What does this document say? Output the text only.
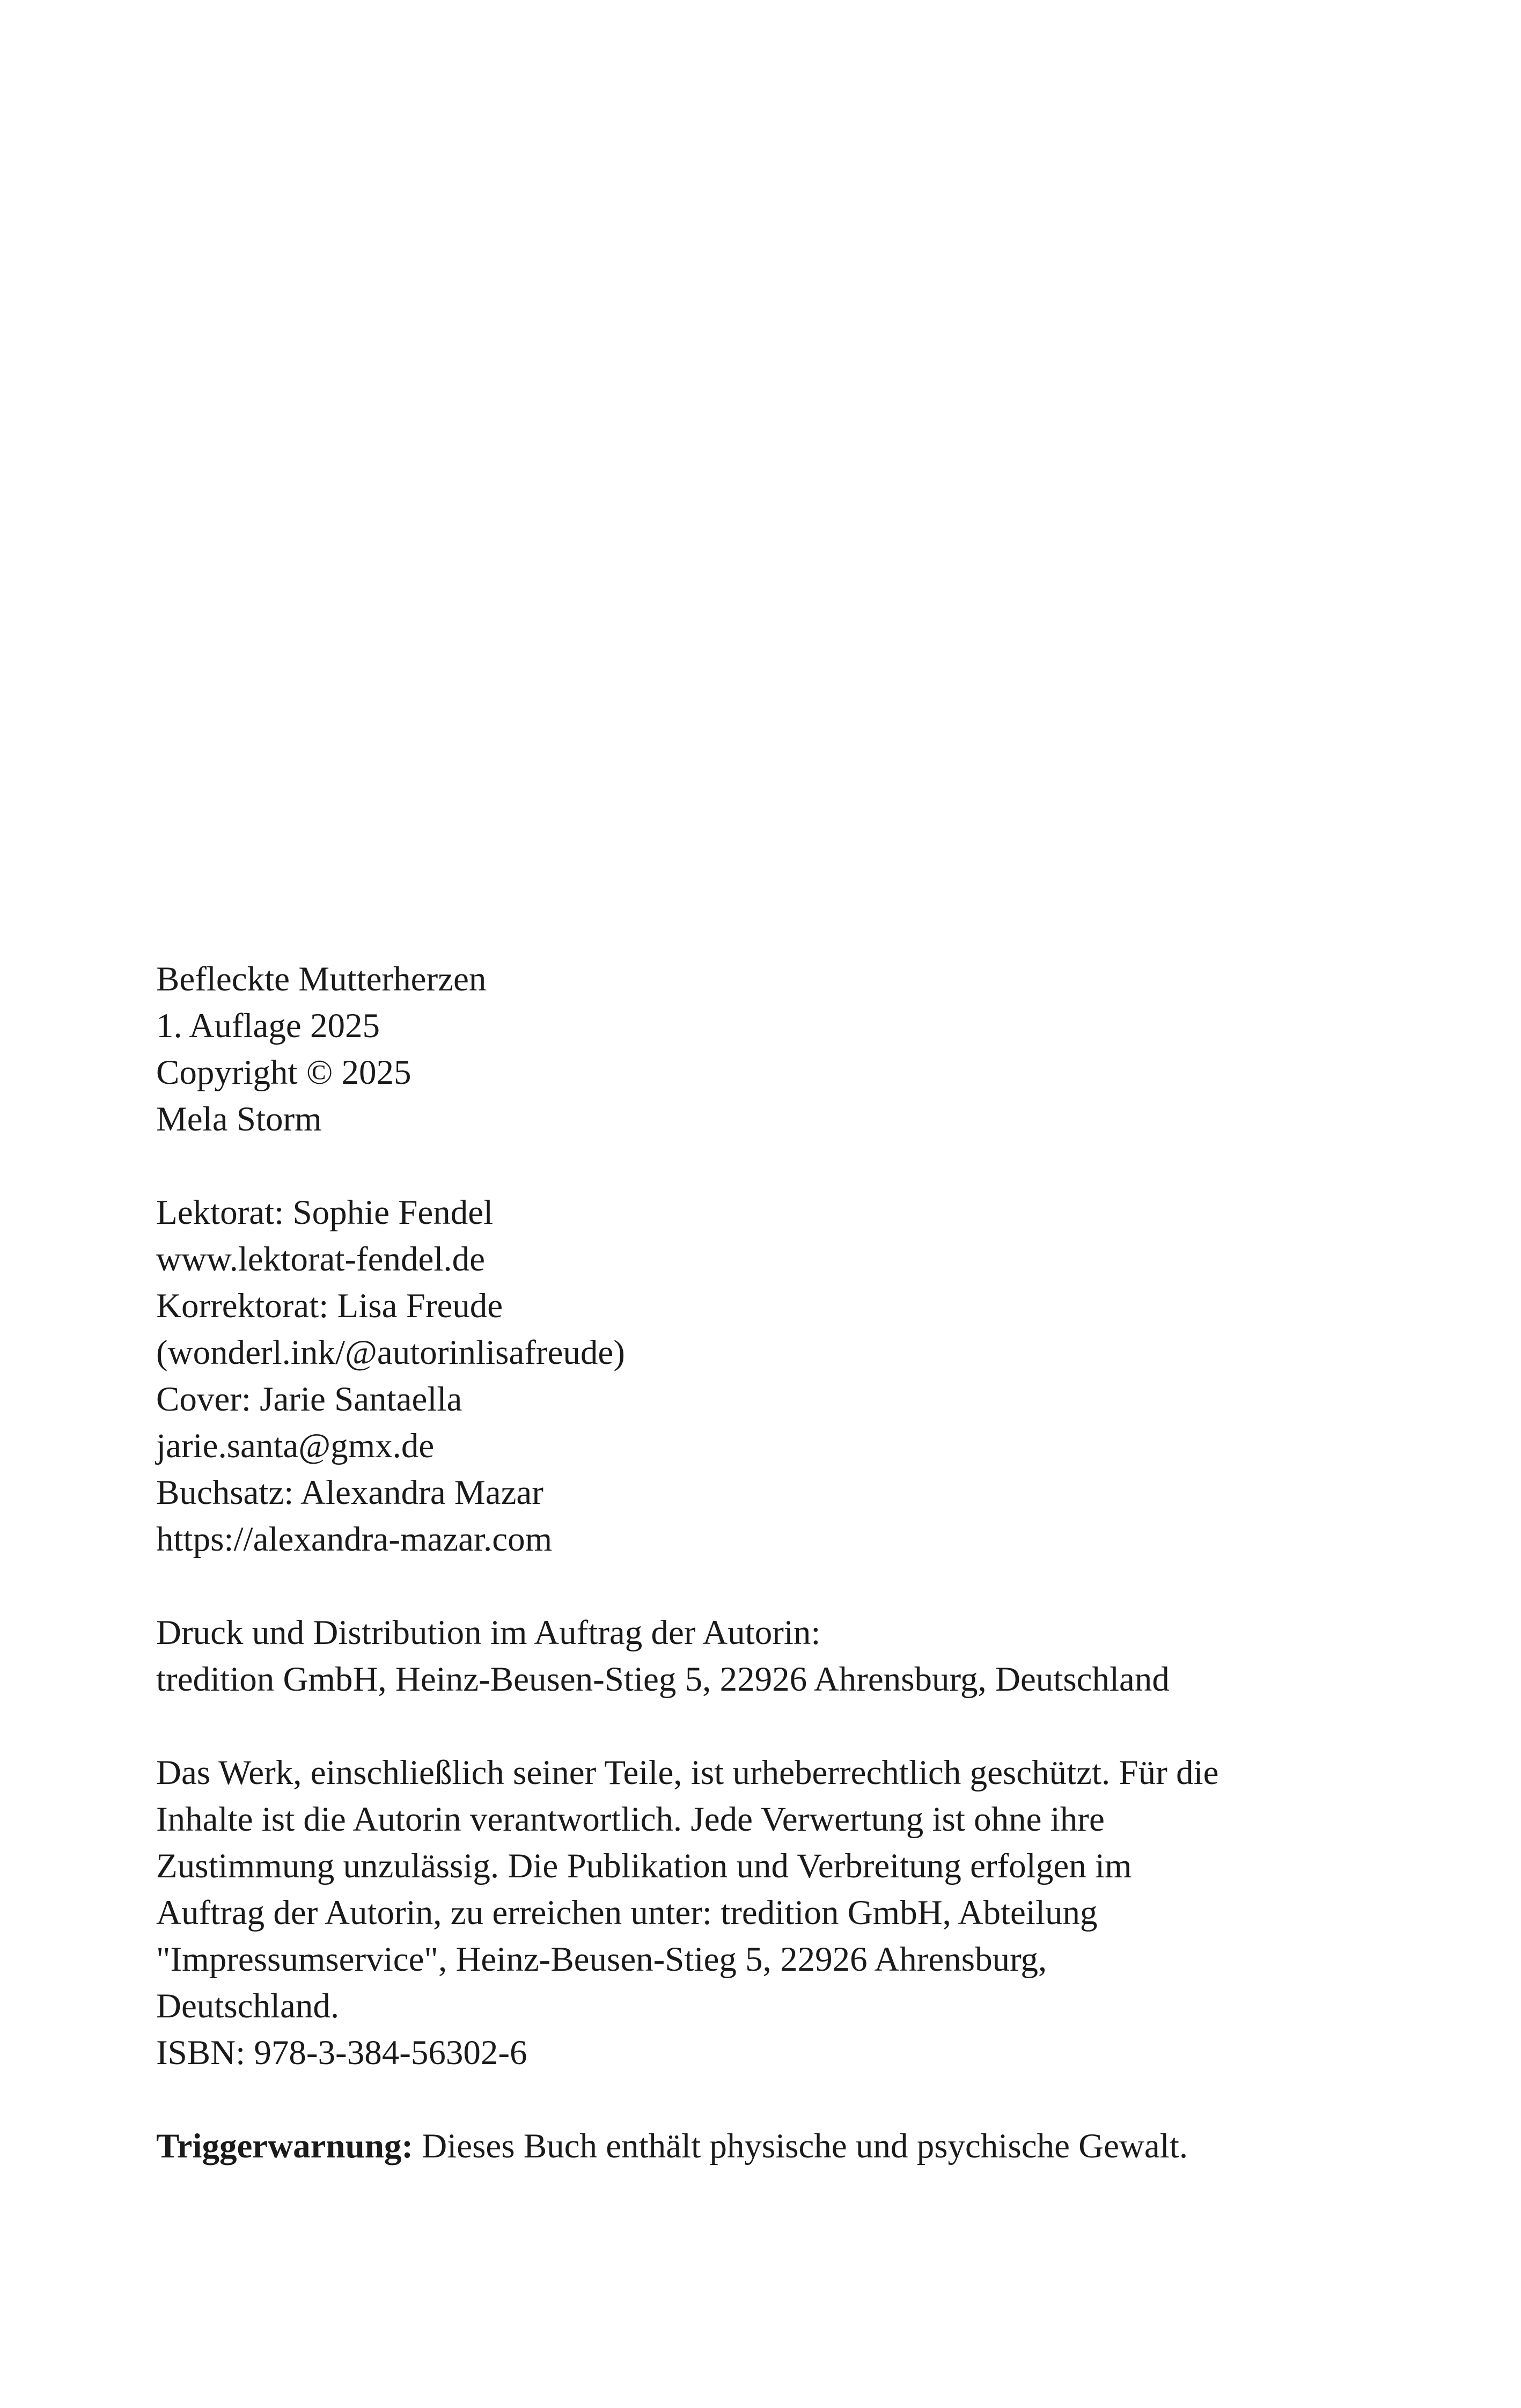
Befleckte Mutterherzen
1. Auflage 2025
Copyright © 2025
Mela Storm
Lektorat: Sophie Fendel
www.lektorat-fendel.de
Korrektorat: Lisa Freude
(wonderl.ink/@autorinlisafreude)
Cover: Jarie Santaella
jarie.santa@gmx.de
Buchsatz: Alexandra Mazar
https://alexandra-mazar.com
Druck und Distribution im Auftrag der Autorin:
tredition GmbH, Heinz-Beusen-Stieg 5, 22926 Ahrensburg, Deutschland
Das Werk, einschließlich seiner Teile, ist urheberrechtlich geschützt. Für die
Inhalte ist die Autorin verantwortlich. Jede Verwertung ist ohne ihre
Zustimmung unzulässig. Die Publikation und Verbreitung erfolgen im
Auftrag der Autorin, zu erreichen unter: tredition GmbH, Abteilung
"Impressumservice", Heinz-Beusen-Stieg 5, 22926 Ahrensburg,
Deutschland.
ISBN: 978-3-384-56302-6
Triggerwarnung: Dieses Buch enthält physische und psychische Gewalt.
